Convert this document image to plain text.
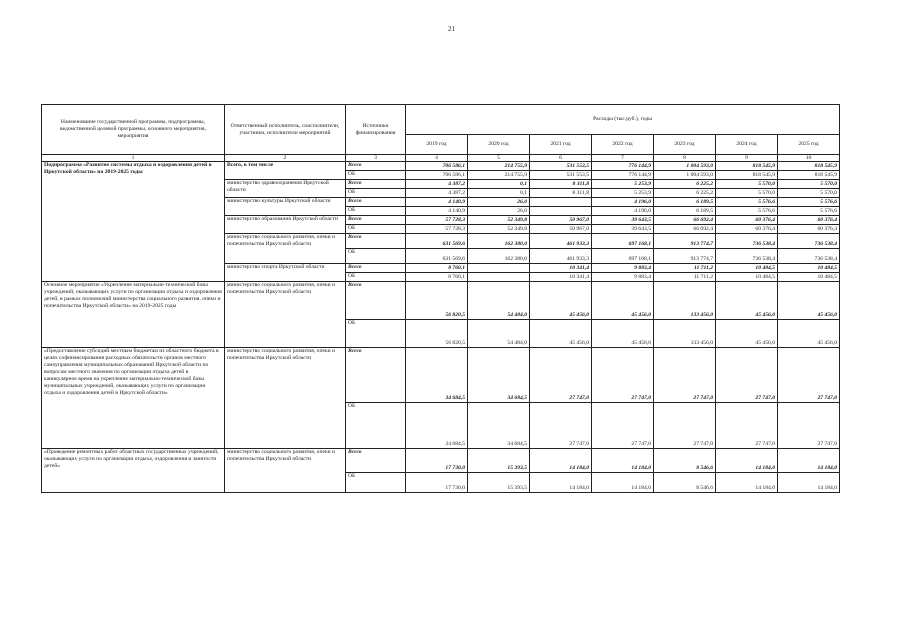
21
Наименование государственной программы, подпрограммы, ведомственной целевой программы, основного мероприятия, мероприятия	Ответственный исполнитель, соисполнители, участники, исполнители мероприятий	Источники финансирования	Расходы (тыс.руб.), годы						
			2019 год	2020 год	2021 год	2022 год	2023 год	2024 год	2025 год
1	2	3	4	5	6	7	8	9	10
Подпрограмма «Развитие системы отдыха и оздоровления детей в Иркутской области» на 2019-2025 годы	Всего, в том числе	Всего	706 586,1	214 755,9	531 553,5	776 144,9	1 004 593,0	818 545,9	818 545,9
		ОБ	706 586,1	214 755,9	531 553,5	776 144,9	1 004 593,0	818 545,9	818 545,9
	министерство здравоохранения Иркутской области	Всего	4 387,2	0,1	8 311,8	5 253,9	6 225,2	5 570,0	5 570,0
		ОБ	4 387,2	0,1	8 311,8	5 253,9	6 225,2	5 570,0	5 570,0
	министерство культуры Иркутской области	Всего	4 140,9	26,0		4 196,0	6 189,5	5 576,6	5 576,6
		ОБ	4 140,9	26,0		4 196,0	6 189,5	5 576,6	5 576,6
	министерство образования Иркутской области	Всего	57 728,3	52 349,8	50 967,0	39 643,5	66 692,4	60 376,4	60 376,4
		ОБ	57 728,3	52 349,8	50 967,0	39 643,5	66 692,4	60 376,4	60 376,4
	министерство социального развития, опеки и попечительства Иркутской области	Всего	631 569,6	162 380,0	461 933,3	697 168,1	913 774,7	736 538,4	736 538,4
		ОБ	631 569,6	162 380,0	461 933,3	697 168,1	913 774,7	736 538,4	736 538,4
	министерство спорта Иркутской области	Всего	8 760,1		10 341,4	9 883,4	11 711,2	10 484,5	10 484,5
		ОБ	8 760,1		10 341,4	9 883,4	11 711,2	10 484,5	10 484,5
Основное мероприятие «Укрепление материально-технической базы учреждений, оказывающих услуги по организации отдыха и оздоровления детей, в рамках полномочий министерства социального развития, опеки и попечительства Иркутской области» на 2019-2025 годы	министерство социального развития, опеки и попечительства Иркутской области	Всего	56 820,5	54 484,0	45 456,0	45 456,0	133 456,0	45 456,0	45 456,0
		ОБ	56 820,5	54 484,0	45 456,0	45 456,0	133 456,0	45 456,0	45 456,0
«Предоставление субсидий местным бюджетам из областного бюджета в целях софинансирования расходных обязательств органов местного самоуправления муниципальных образований Иркутской области по вопросам местного значения по организации отдыха детей в каникулярное время на укрепление материально-технической базы муниципальных учреждений, оказывающих услуги по организации отдыха и оздоровления детей в Иркутской области»	министерство социального развития, опеки и попечительства Иркутской области	Всего	34 684,5	34 684,5	27 747,0	27 747,0	27 747,0	27 747,0	27 747,0
		ОБ	34 684,5	34 684,5	27 747,0	27 747,0	27 747,0	27 747,0	27 747,0
«Проведение ремонтных работ областных государственных учреждений, оказывающих услуги по организации отдыха, оздоровления и занятости детей»	министерство социального развития, опеки и попечительства Иркутской области	Всего	17 730,0	15 393,5	14 184,0	14 184,0	8 546,6	14 184,0	14 184,0
		ОБ	17 730,0	15 393,5	14 184,0	14 184,0	8 546,6	14 184,0	14 184,0
